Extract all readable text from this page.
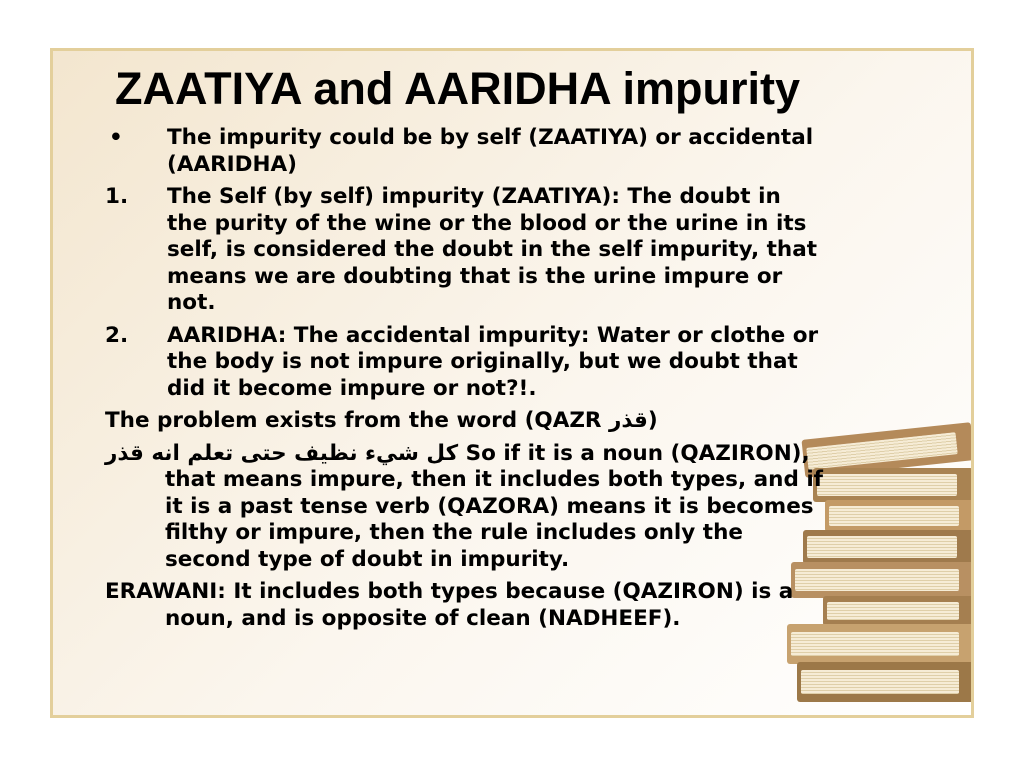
ZAATIYA and AARIDHA impurity
• The impurity could be by self (ZAATIYA) or accidental (AARIDHA)
1. The Self (by self) impurity (ZAATIYA): The doubt in the purity of the wine or the blood or the urine in its self, is considered the doubt in the self impurity, that means we are doubting that is the urine impure or not.
2. AARIDHA: The accidental impurity: Water or clothe or the body is not impure originally, but we doubt that did it become impure or not?!.
The problem exists from the word (QAZR قذر)
كل شيء نظيف حتى تعلم انه قذر So if it is a noun (QAZIRON), that means impure, then it includes both types, and if it is a past tense verb (QAZORA) means it is becomes filthy or impure, then the rule includes only the second type of doubt in impurity.
ERAWANI: It includes both types because (QAZIRON) is a noun, and is opposite of clean (NADHEEF).
